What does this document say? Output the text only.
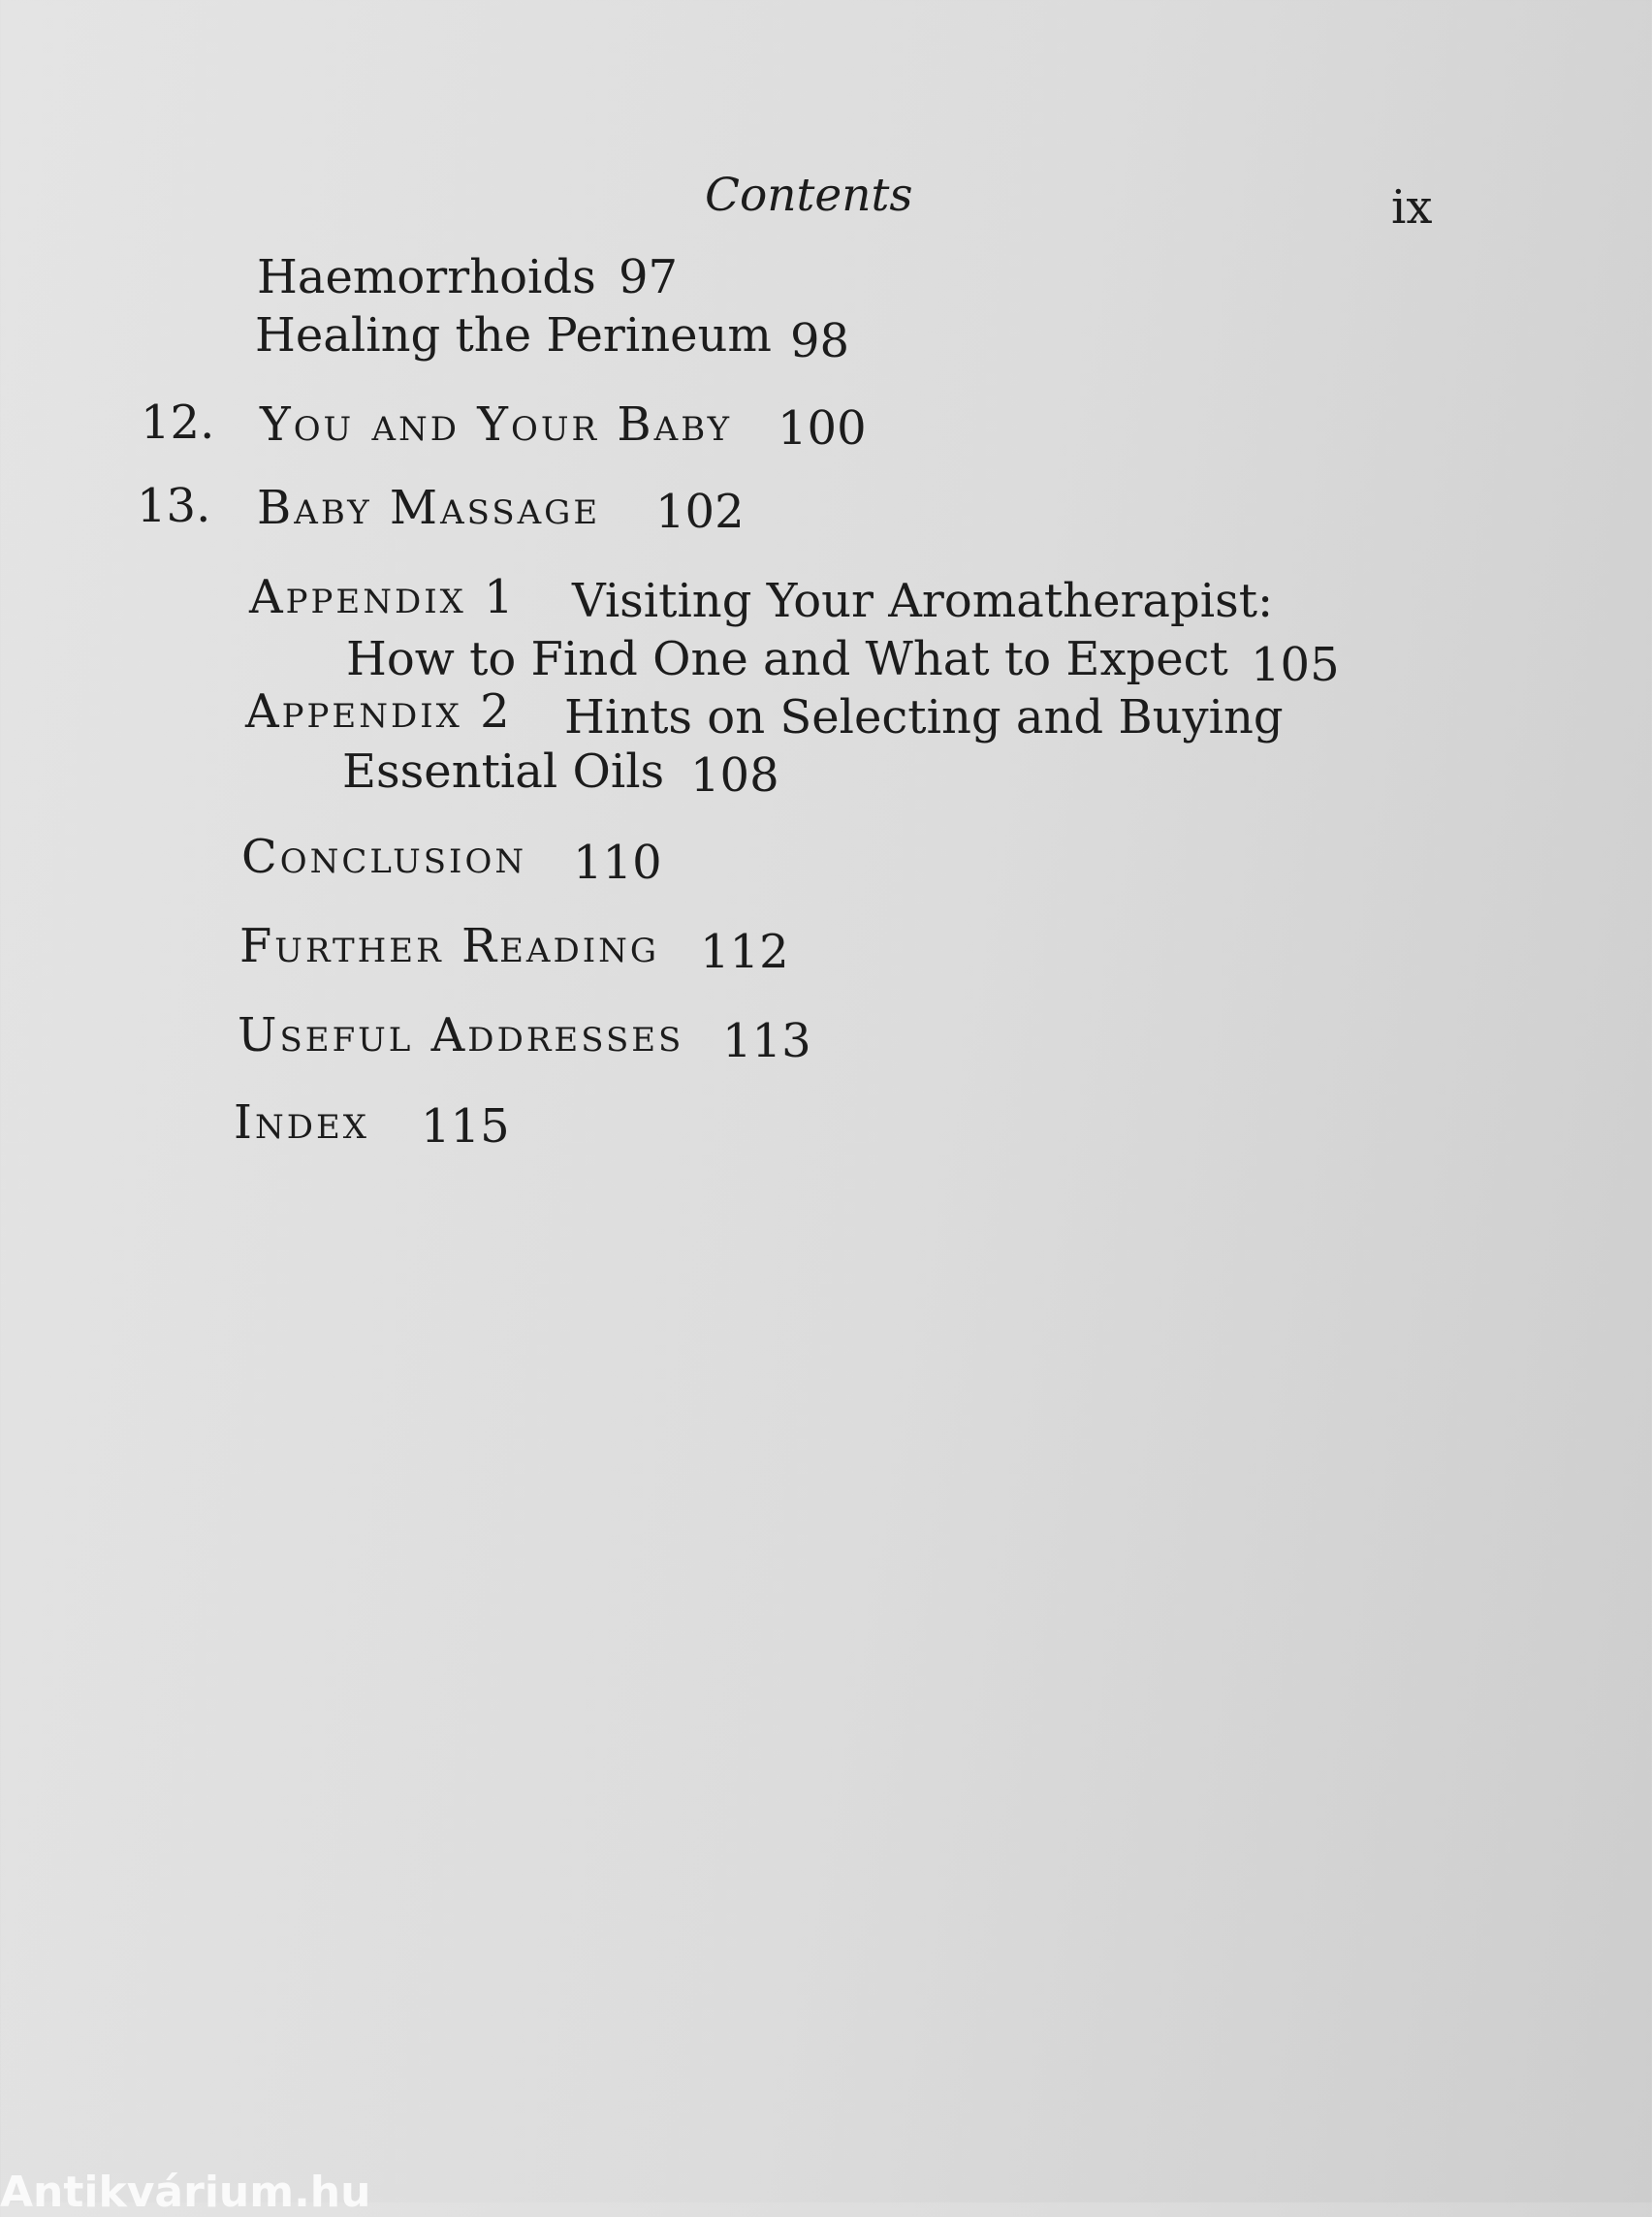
Contents	ix
Haemorrhoids 97
Healing the Perineum 98
12. You and Your Baby 100
13. Baby Massage 102
Appendix 1 Visiting Your Aromatherapist:
How to Find One and What to Expect 105
Appendix 2 Hints on Selecting and Buying
Essential Oils 108
Conclusion 110
Further Reading 112
Useful Addresses 113
Index 115
Antikvárium.hu
